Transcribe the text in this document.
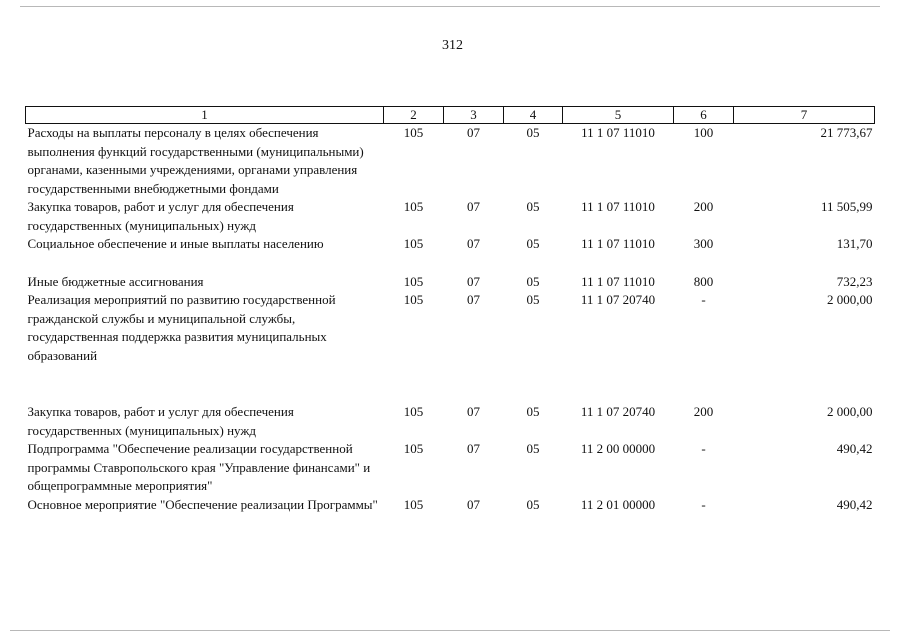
312
1	2	3	4	5	6	7
Расходы на выплаты персоналу в целях обеспечения выполнения функций государственными (муниципальными) органами, казенными учреждениями, органами управления государственными внебюджетными фондами	105	07	05	11 1 07 11010	100	21 773,67
Закупка товаров, работ и услуг для обеспечения государственных (муниципальных) нужд	105	07	05	11 1 07 11010	200	11 505,99
Социальное обеспечение и иные выплаты населению	105	07	05	11 1 07 11010	300	131,70
Иные бюджетные ассигнования	105	07	05	11 1 07 11010	800	732,23
Реализация мероприятий по развитию государственной гражданской службы и муниципальной службы, государственная поддержка развития муниципальных образований	105	07	05	11 1 07 20740	-	2 000,00
Закупка товаров, работ и услуг для обеспечения государственных (муниципальных) нужд	105	07	05	11 1 07 20740	200	2 000,00
Подпрограмма "Обеспечение реализации государственной программы Ставропольского края "Управление финансами" и общепрограммные мероприятия"	105	07	05	11 2 00 00000	-	490,42
Основное мероприятие "Обеспечение реализации Программы"	105	07	05	11 2 01 00000	-	490,42
